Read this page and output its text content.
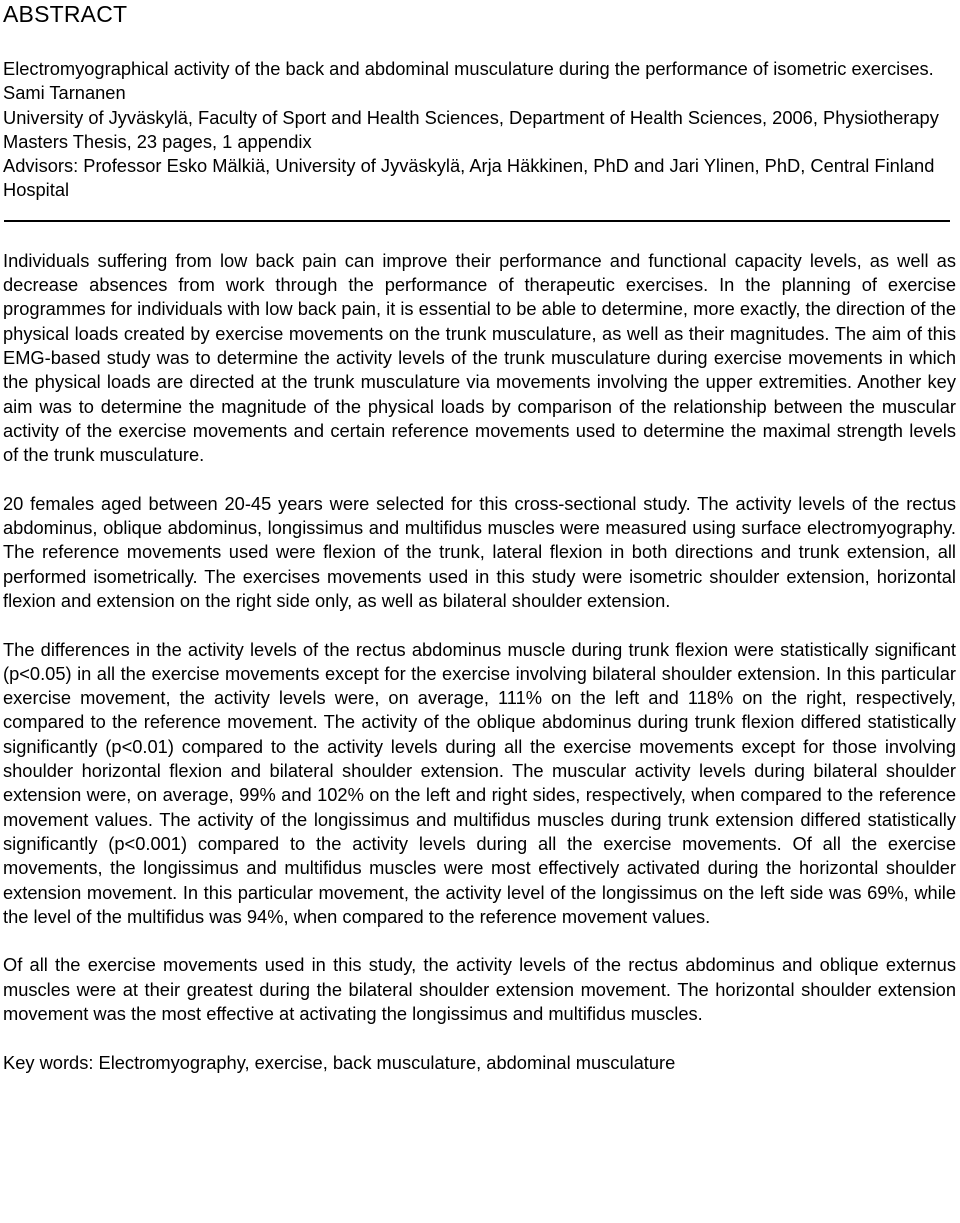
ABSTRACT
Electromyographical activity of the back and abdominal musculature during the performance of isometric exercises.
Sami Tarnanen
University of Jyväskylä, Faculty of Sport and Health Sciences, Department of Health Sciences, 2006, Physiotherapy Masters Thesis, 23 pages, 1 appendix
Advisors: Professor Esko Mälkiä, University of Jyväskylä, Arja Häkkinen, PhD and Jari Ylinen, PhD, Central Finland Hospital

Individuals suffering from low back pain can improve their performance and functional capacity levels, as well as decrease absences from work through the performance of therapeutic exercises. In the planning of exercise programmes for individuals with low back pain, it is essential to be able to determine, more exactly, the direction of the physical loads created by exercise movements on the trunk musculature, as well as their magnitudes. The aim of this EMG-based study was to determine the activity levels of the trunk musculature during exercise movements in which the physical loads are directed at the trunk musculature via movements involving the upper extremities. Another key aim was to determine the magnitude of the physical loads by comparison of the relationship between the muscular activity of the exercise movements and certain reference movements used to determine the maximal strength levels of the trunk musculature.

20 females aged between 20-45 years were selected for this cross-sectional study. The activity levels of the rectus abdominus, oblique abdominus, longissimus and multifidus muscles were measured using surface electromyography. The reference movements used were flexion of the trunk, lateral flexion in both directions and trunk extension, all performed isometrically. The exercises movements used in this study were isometric shoulder extension, horizontal flexion and extension on the right side only, as well as bilateral shoulder extension.

The differences in the activity levels of the rectus abdominus muscle during trunk flexion were statistically significant (p<0.05) in all the exercise movements except for the exercise involving bilateral shoulder extension. In this particular exercise movement, the activity levels were, on average, 111% on the left and 118% on the right, respectively, compared to the reference movement. The activity of the oblique abdominus during trunk flexion differed statistically significantly (p<0.01) compared to the activity levels during all the exercise movements except for those involving shoulder horizontal flexion and bilateral shoulder extension. The muscular activity levels during bilateral shoulder extension were, on average, 99% and 102% on the left and right sides, respectively, when compared to the reference movement values. The activity of the longissimus and multifidus muscles during trunk extension differed statistically significantly (p<0.001) compared to the activity levels during all the exercise movements. Of all the exercise movements, the longissimus and multifidus muscles were most effectively activated during the horizontal shoulder extension movement. In this particular movement, the activity level of the longissimus on the left side was 69%, while the level of the multifidus was 94%, when compared to the reference movement values.

Of all the exercise movements used in this study, the activity levels of the rectus abdominus and oblique externus muscles were at their greatest during the bilateral shoulder extension movement. The horizontal shoulder extension movement was the most effective at activating the longissimus and multifidus muscles.

Key words: Electromyography, exercise, back musculature, abdominal musculature
